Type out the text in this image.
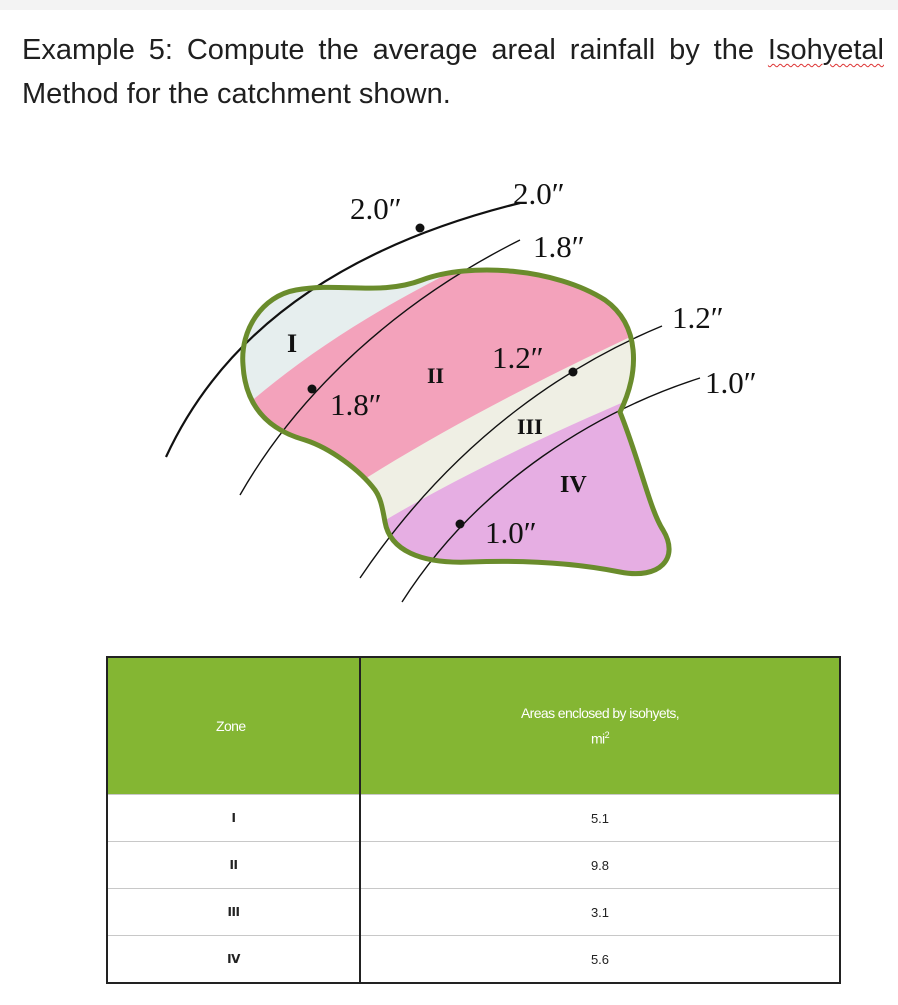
Example 5: Compute the average areal rainfall by the Isohyetal Method for the catchment shown.
2.0″	2.0″
1.8″
1.2″
1.0″
1.8″
1.2″
1.0″
I
II
III
IV
Zone	Areas enclosed by isohyets,
$mi^2$
I	5.1
II	9.8
III	3.1
IV	5.6
